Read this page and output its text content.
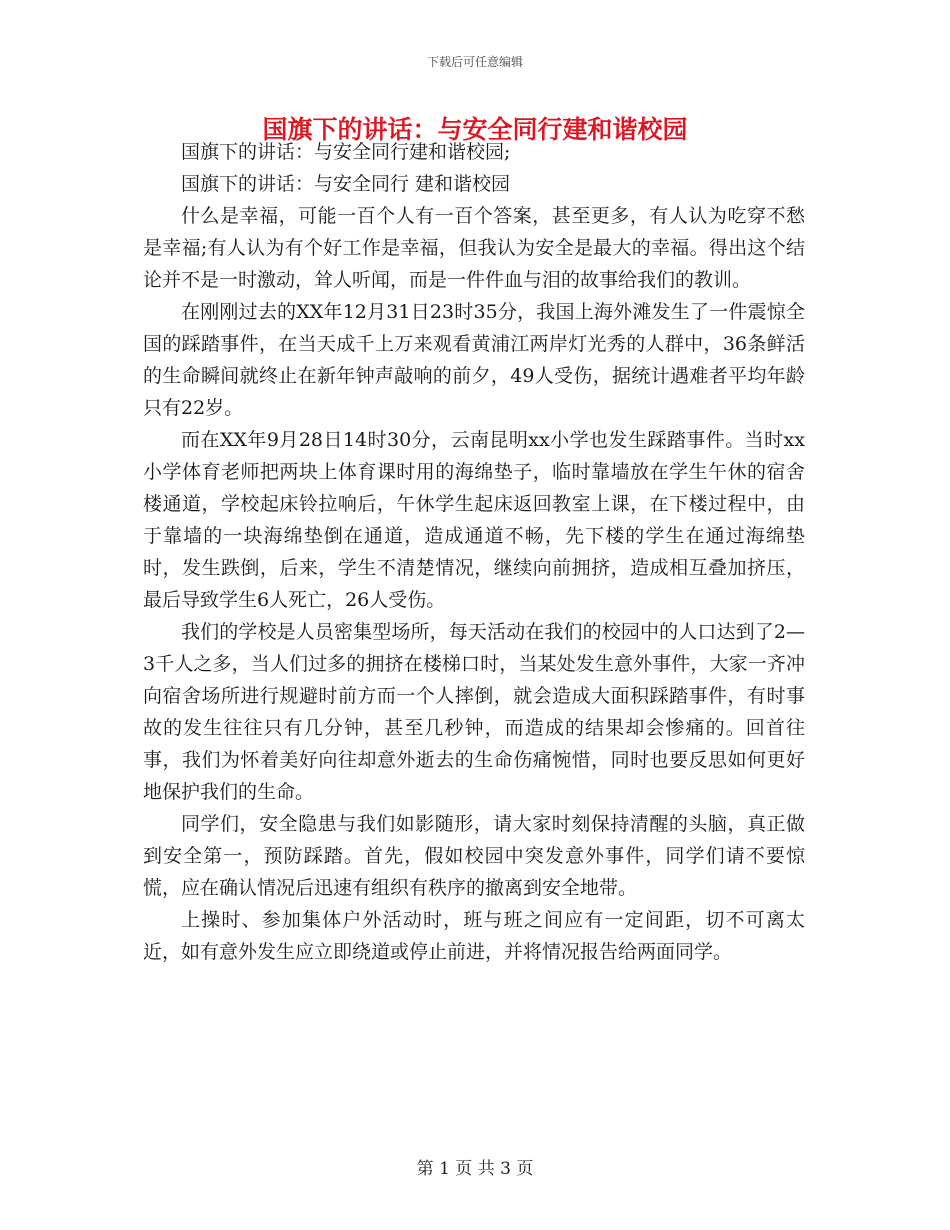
下载后可任意编辑
国旗下的讲话：与安全同行建和谐校园

国旗下的讲话：与安全同行建和谐校园;

国旗下的讲话：与安全同行 建和谐校园

什么是幸福，可能一百个人有一百个答案，甚至更多，有人认为吃穿不愁是幸福;有人认为有个好工作是幸福，但我认为安全是最大的幸福。得出这个结论并不是一时激动，耸人听闻，而是一件件血与泪的故事给我们的教训。

在刚刚过去的XX年12月31日23时35分，我国上海外滩发生了一件震惊全国的踩踏事件，在当天成千上万来观看黄浦江两岸灯光秀的人群中，36条鲜活的生命瞬间就终止在新年钟声敲响的前夕，49人受伤，据统计遇难者平均年龄只有22岁。

而在XX年9月28日14时30分，云南昆明xx小学也发生踩踏事件。当时xx小学体育老师把两块上体育课时用的海绵垫子，临时靠墙放在学生午休的宿舍楼通道，学校起床铃拉响后，午休学生起床返回教室上课，在下楼过程中，由于靠墙的一块海绵垫倒在通道，造成通道不畅，先下楼的学生在通过海绵垫时，发生跌倒，后来，学生不清楚情况，继续向前拥挤，造成相互叠加挤压，最后导致学生6人死亡，26人受伤。

我们的学校是人员密集型场所，每天活动在我们的校园中的人口达到了2—3千人之多，当人们过多的拥挤在楼梯口时，当某处发生意外事件，大家一齐冲向宿舍场所进行规避时前方而一个人摔倒，就会造成大面积踩踏事件，有时事故的发生往往只有几分钟，甚至几秒钟，而造成的结果却会惨痛的。回首往事，我们为怀着美好向往却意外逝去的生命伤痛惋惜，同时也要反思如何更好地保护我们的生命。

同学们，安全隐患与我们如影随形，请大家时刻保持清醒的头脑，真正做到安全第一，预防踩踏。首先，假如校园中突发意外事件，同学们请不要惊慌，应在确认情况后迅速有组织有秩序的撤离到安全地带。

上操时、参加集体户外活动时，班与班之间应有一定间距，切不可离太近，如有意外发生应立即绕道或停止前进，并将情况报告给两面同学。

第 1 页 共 3 页
